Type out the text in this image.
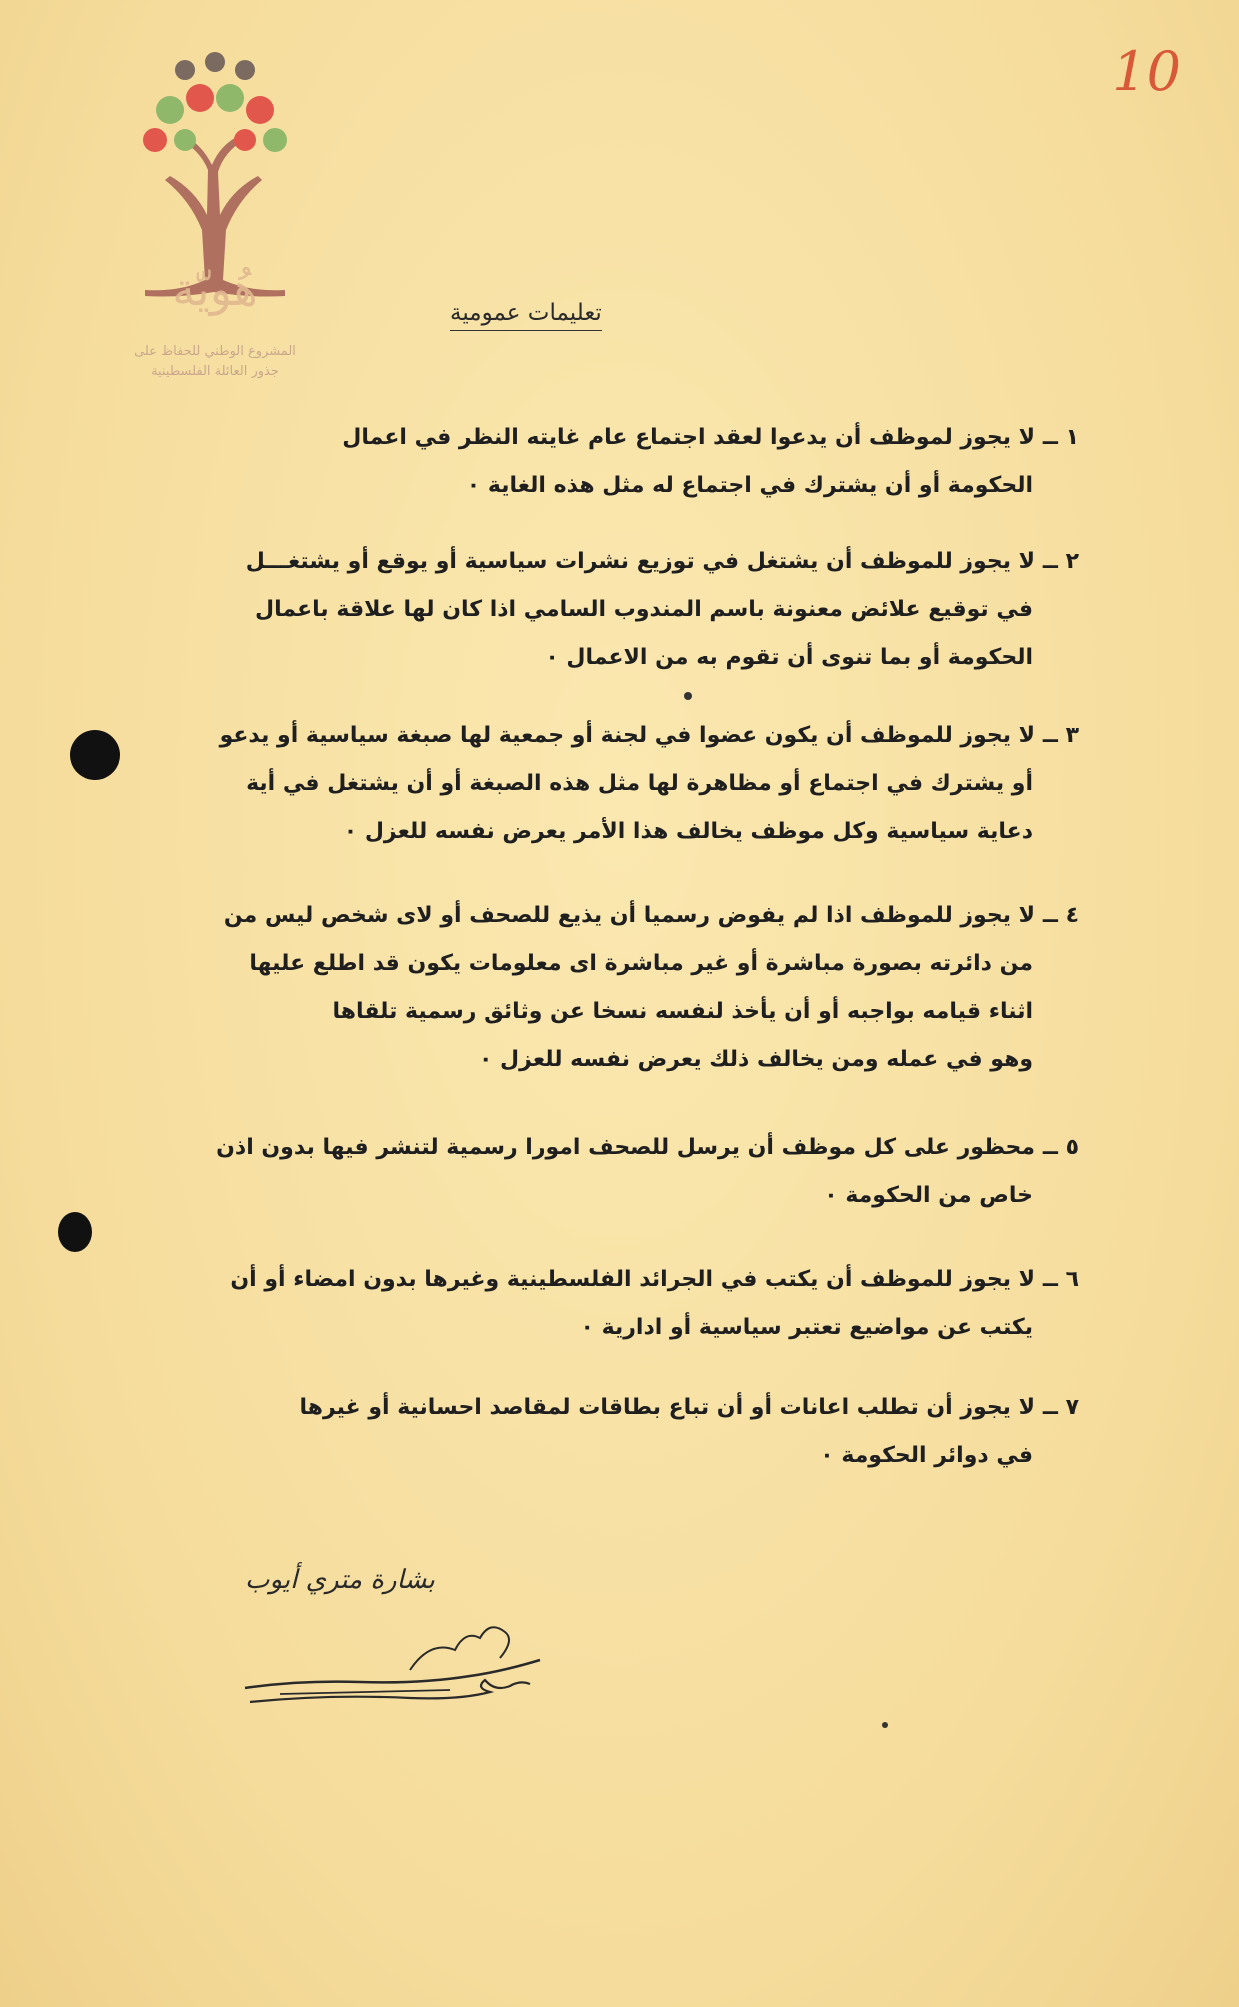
10
هُويّة
المشروع الوطني للحفاظ على
جذور العائلة الفلسطينية
تعليمات عمومية
١ ــلا يجوز لموظف أن يدعوا لعقد اجتماع عام غايته النظر في اعمال
الحكومة أو أن يشترك في اجتماع له مثل هذه الغاية ٠
٢ ــلا يجوز للموظف أن يشتغل في توزيع نشرات سياسية أو يوقع أو يشتغـــل
في توقيع علائض معنونة باسم المندوب السامي اذا كان لها علاقة باعمال
الحكومة أو بما تنوى أن تقوم به من الاعمال ٠
٣ ــلا يجوز للموظف أن يكون عضوا في لجنة أو جمعية لها صبغة سياسية أو يدعو
أو يشترك في اجتماع أو مظاهرة لها مثل هذه الصبغة أو أن يشتغل في أية
دعاية سياسية وكل موظف يخالف هذا الأمر يعرض نفسه للعزل ٠
٤ ــلا يجوز للموظف اذا لم يفوض رسميا أن يذيع للصحف أو لاى شخص ليس من
من دائرته بصورة مباشرة أو غير مباشرة اى معلومات يكون قد اطلع عليها
اثناء قيامه بواجبه أو أن يأخذ لنفسه نسخا عن وثائق رسمية تلقاها
وهو في عمله ومن يخالف ذلك يعرض نفسه للعزل ٠
٥ ــمحظور على كل موظف أن يرسل للصحف امورا رسمية لتنشر فيها بدون اذن
خاص من الحكومة ٠
٦ ــلا يجوز للموظف أن يكتب في الجرائد الفلسطينية وغيرها بدون امضاء أو أن
يكتب عن مواضيع تعتبر سياسية أو ادارية ٠
٧ ــلا يجوز أن تطلب اعانات أو أن تباع بطاقات لمقاصد احسانية أو غيرها
في دوائر الحكومة ٠
بشارة متري أيوب
